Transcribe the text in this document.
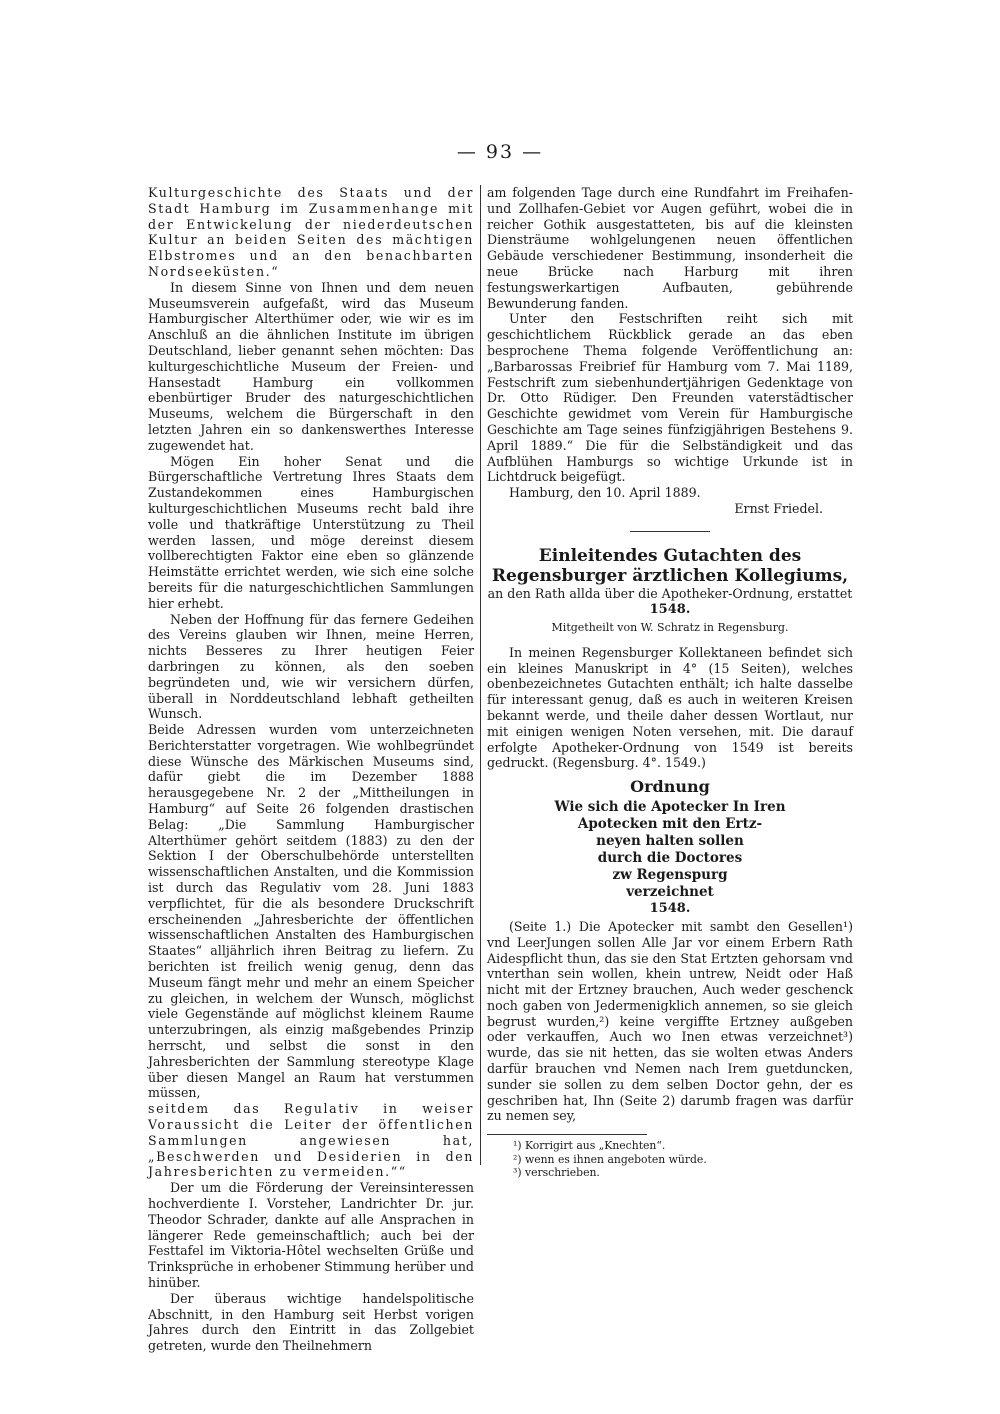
— 93 —

Kulturgeschichte des Staats und der Stadt Hamburg im Zusammenhange mit der Entwickelung der niederdeutschen Kultur an beiden Seiten des mächtigen Elbstromes und an den benachbarten Nordseeküsten.“

In diesem Sinne von Ihnen und dem neuen Museumsverein aufgefaßt, wird das Museum Hamburgischer Alterthümer oder, wie wir es im Anschluß an die ähnlichen Institute im übrigen Deutschland, lieber genannt sehen möchten: Das kulturgeschichtliche Museum der Freien- und Hansestadt Hamburg ein vollkommen ebenbürtiger Bruder des naturgeschichtlichen Museums, welchem die Bürgerschaft in den letzten Jahren ein so dankenswerthes Interesse zugewendet hat.

Mögen Ein hoher Senat und die Bürgerschaftliche Vertretung Ihres Staats dem Zustandekommen eines Hamburgischen kulturgeschichtlichen Museums recht bald ihre volle und thatkräftige Unterstützung zu Theil werden lassen, und möge dereinst diesem vollberechtigten Faktor eine eben so glänzende Heimstätte errichtet werden, wie sich eine solche bereits für die naturgeschichtlichen Sammlungen hier erhebt.

Neben der Hoffnung für das fernere Gedeihen des Vereins glauben wir Ihnen, meine Herren, nichts Besseres zu Ihrer heutigen Feier darbringen zu können, als den soeben begründeten und, wie wir versichern dürfen, überall in Norddeutschland lebhaft getheilten Wunsch.

Beide Adressen wurden vom unterzeichneten Berichterstatter vorgetragen. Wie wohlbegründet diese Wünsche des Märkischen Museums sind, dafür giebt die im Dezember 1888 herausgegebene Nr. 2 der „Mittheilungen in Hamburg“ auf Seite 26 folgenden drastischen Belag: „Die Sammlung Hamburgischer Alterthümer gehört seitdem (1883) zu den der Sektion I der Oberschulbehörde unterstellten wissenschaftlichen Anstalten, und die Kommission ist durch das Regulativ vom 28. Juni 1883 verpflichtet, für die als besondere Druckschrift erscheinenden „Jahresberichte der öffentlichen wissenschaftlichen Anstalten des Hamburgischen Staates“ alljährlich ihren Beitrag zu liefern. Zu berichten ist freilich wenig genug, denn das Museum fängt mehr und mehr an einem Speicher zu gleichen, in welchem der Wunsch, möglichst viele Gegenstände auf möglichst kleinem Raume unterzubringen, als einzig maßgebendes Prinzip herrscht, und selbst die sonst in den Jahresberichten der Sammlung stereotype Klage über diesen Mangel an Raum hat verstummen müssen,

seitdem das Regulativ in weiser Voraussicht die Leiter der öffentlichen Sammlungen angewiesen hat, „Beschwerden und Desiderien in den Jahresberichten zu vermeiden.““

Der um die Förderung der Vereinsinteressen hochverdiente I. Vorsteher, Landrichter Dr. jur. Theodor Schrader, dankte auf alle Ansprachen in längerer Rede gemeinschaftlich; auch bei der Festtafel im Viktoria-Hôtel wechselten Grüße und Trinksprüche in erhobener Stimmung herüber und hinüber.

Der überaus wichtige handelspolitische Abschnitt, in den Hamburg seit Herbst vorigen Jahres durch den Eintritt in das Zollgebiet getreten, wurde den Theilnehmern

am folgenden Tage durch eine Rundfahrt im Freihafen- und Zollhafen-Gebiet vor Augen geführt, wobei die in reicher Gothik ausgestatteten, bis auf die kleinsten Diensträume wohlgelungenen neuen öffentlichen Gebäude verschiedener Bestimmung, insonderheit die neue Brücke nach Harburg mit ihren festungswerkartigen Aufbauten, gebührende Bewunderung fanden.

Unter den Festschriften reiht sich mit geschichtlichem Rückblick gerade an das eben besprochene Thema folgende Veröffentlichung an: „Barbarossas Freibrief für Hamburg vom 7. Mai 1189, Festschrift zum siebenhundertjährigen Gedenktage von Dr. Otto Rüdiger. Den Freunden vaterstädtischer Geschichte gewidmet vom Verein für Hamburgische Geschichte am Tage seines fünfzigjährigen Bestehens 9. April 1889.“ Die für die Selbständigkeit und das Aufblühen Hamburgs so wichtige Urkunde ist in Lichtdruck beigefügt.

Hamburg, den 10. April 1889.

Ernst Friedel.

Einleitendes Gutachten des Regensburger ärztlichen Kollegiums,
an den Rath allda über die Apotheker-Ordnung, erstattet
1548.
Mitgetheilt von W. Schratz in Regensburg.

In meinen Regensburger Kollektaneen befindet sich ein kleines Manuskript in 4° (15 Seiten), welches obenbezeichnetes Gutachten enthält; ich halte dasselbe für interessant genug, daß es auch in weiteren Kreisen bekannt werde, und theile daher dessen Wortlaut, nur mit einigen wenigen Noten versehen, mit. Die darauf erfolgte Apotheker-Ordnung von 1549 ist bereits gedruckt. (Regensburg. 4°. 1549.)

Ordnung
Wie sich die Apotecker In Iren
Apotecken mit den Ertz-
neyen halten sollen
durch die Doctores
zw Regenspurg
verzeichnet
1548.

(Seite 1.) Die Apotecker mit sambt den Gesellen¹) vnd LeerJungen sollen Alle Jar vor einem Erbern Rath Aidespflicht thun, das sie den Stat Ertzten gehorsam vnd vnterthan sein wollen, khein untrew, Neidt oder Haß nicht mit der Ertzney brauchen, Auch weder geschenck noch gaben von Jedermenigklich annemen, so sie gleich begrust wurden,²) keine vergiffte Ertzney außgeben oder verkauffen, Auch wo Inen etwas verzeichnet³) wurde, das sie nit hetten, das sie wolten etwas Anders darfür brauchen vnd Nemen nach Irem guetduncken, sunder sie sollen zu dem selben Doctor gehn, der es geschriben hat, Ihn (Seite 2) darumb fragen was darfür zu nemen sey,

¹) Korrigirt aus „Knechten“.
²) wenn es ihnen angeboten würde.
³) verschrieben.
